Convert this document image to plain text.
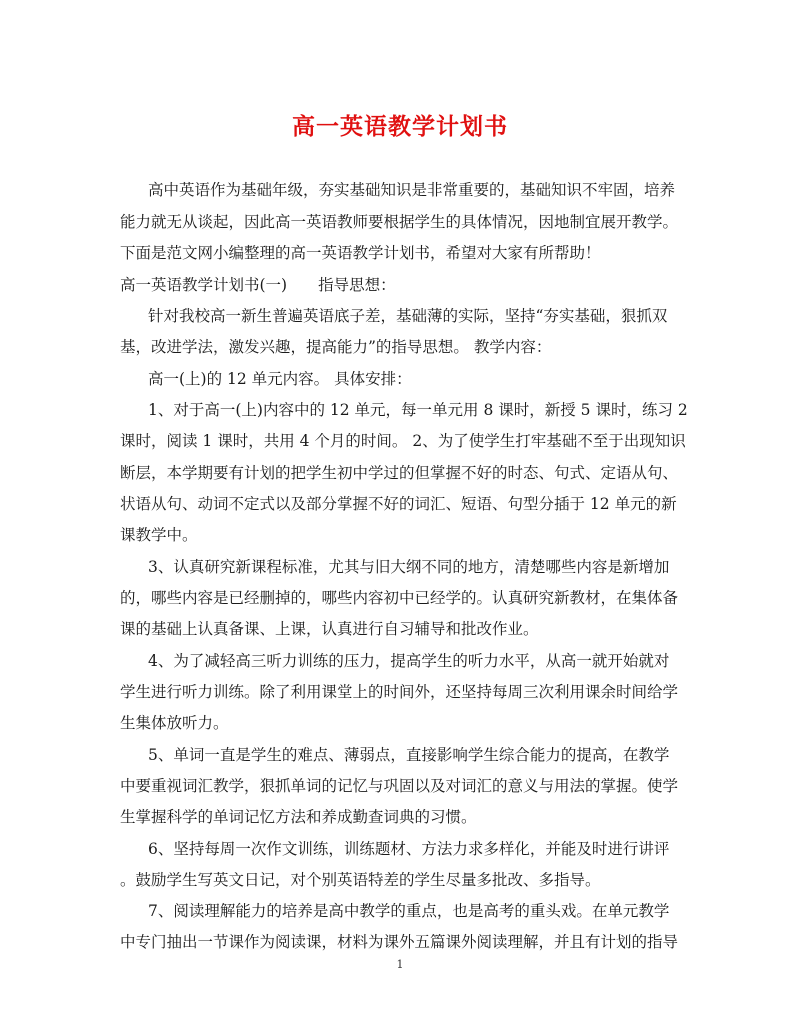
高一英语教学计划书
高中英语作为基础年级，夯实基础知识是非常重要的，基础知识不牢固，培养
能力就无从谈起，因此高一英语教师要根据学生的具体情况，因地制宜展开教学。
下面是范文网小编整理的高一英语教学计划书，希望对大家有所帮助！
高一英语教学计划书(一)　　指导思想：
针对我校高一新生普遍英语底子差，基础薄的实际，坚持“夯实基础，狠抓双
基，改进学法，激发兴趣，提高能力”的指导思想。 教学内容：
高一(上)的 12 单元内容。 具体安排：
1、对于高一(上)内容中的 12 单元，每一单元用 8 课时，新授 5 课时，练习 2
课时，阅读 1 课时，共用 4 个月的时间。 2、为了使学生打牢基础不至于出现知识
断层，本学期要有计划的把学生初中学过的但掌握不好的时态、句式、定语从句、
状语从句、动词不定式以及部分掌握不好的词汇、短语、句型分插于 12 单元的新
课教学中。
3、认真研究新课程标准，尤其与旧大纲不同的地方，清楚哪些内容是新增加
的，哪些内容是已经删掉的，哪些内容初中已经学的。认真研究新教材，在集体备
课的基础上认真备课、上课，认真进行自习辅导和批改作业。
4、为了减轻高三听力训练的压力，提高学生的听力水平，从高一就开始就对
学生进行听力训练。除了利用课堂上的时间外，还坚持每周三次利用课余时间给学
生集体放听力。
5、单词一直是学生的难点、薄弱点，直接影响学生综合能力的提高，在教学
中要重视词汇教学，狠抓单词的记忆与巩固以及对词汇的意义与用法的掌握。使学
生掌握科学的单词记忆方法和养成勤查词典的习惯。
6、坚持每周一次作文训练，训练题材、方法力求多样化，并能及时进行讲评
。鼓励学生写英文日记，对个别英语特差的学生尽量多批改、多指导。
7、阅读理解能力的培养是高中教学的重点，也是高考的重头戏。在单元教学
中专门抽出一节课作为阅读课，材料为课外五篇课外阅读理解，并且有计划的指导
1
